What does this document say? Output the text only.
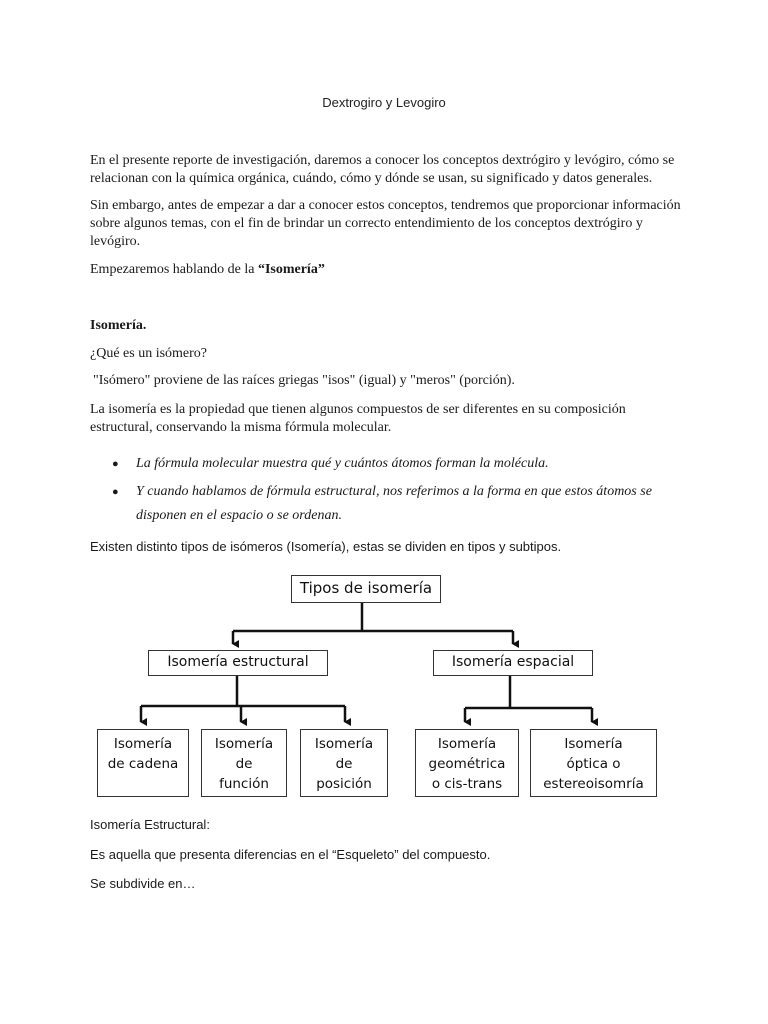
Dextrogiro y Levogiro

En el presente reporte de investigación, daremos a conocer los conceptos dextrógiro y levógiro, cómo se relacionan con la química orgánica, cuándo, cómo y dónde se usan, su significado y datos generales.

Sin embargo, antes de empezar a dar a conocer estos conceptos, tendremos que proporcionar información sobre algunos temas, con el fin de brindar un correcto entendimiento de los conceptos dextrógiro y levógiro.

Empezaremos hablando de la “Isomería”

Isomería.

¿Qué es un isómero?

"Isómero" proviene de las raíces griegas "isos" (igual) y "meros" (porción).

La isomería es la propiedad que tienen algunos compuestos de ser diferentes en su composición estructural, conservando la misma fórmula molecular.

● La fórmula molecular muestra qué y cuántos átomos forman la molécula.
● Y cuando hablamos de fórmula estructural, nos referimos a la forma en que estos átomos se disponen en el espacio o se ordenan.

Existen distinto tipos de isómeros (Isomería), estas se dividen en tipos y subtipos.

Tipos de isomería
Isomería estructural	Isomería espacial
Isomería
de cadena
Isomería
de
función
Isomería
de
posición
Isomería
geométrica
o cis-trans
Isomería
óptica o
estereoisomría

Isomería Estructural:

Es aquella que presenta diferencias en el “Esqueleto” del compuesto.

Se subdivide en…
